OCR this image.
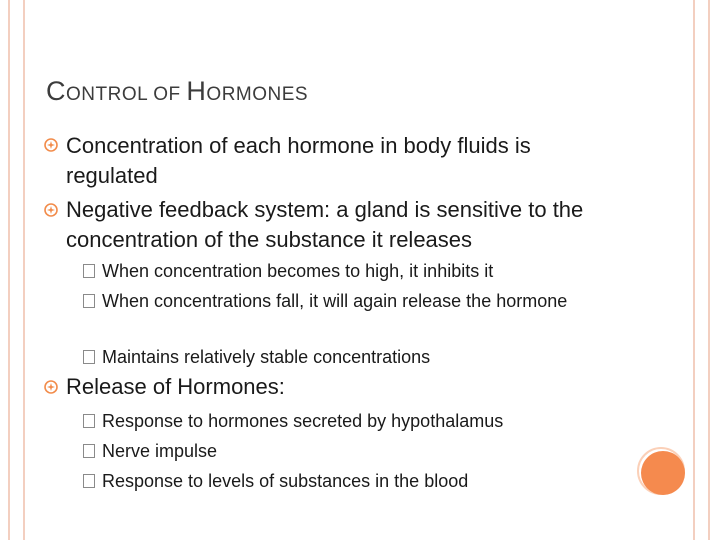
CONTROL OF HORMONES
Concentration of each hormone in body fluids is regulated
Negative feedback system: a gland is sensitive to the concentration of the substance it releases
When concentration becomes to high, it inhibits it
When concentrations fall, it will again release the hormone
Maintains relatively stable concentrations
Release of Hormones:
Response to hormones secreted by hypothalamus
Nerve impulse
Response to levels of substances in the blood
